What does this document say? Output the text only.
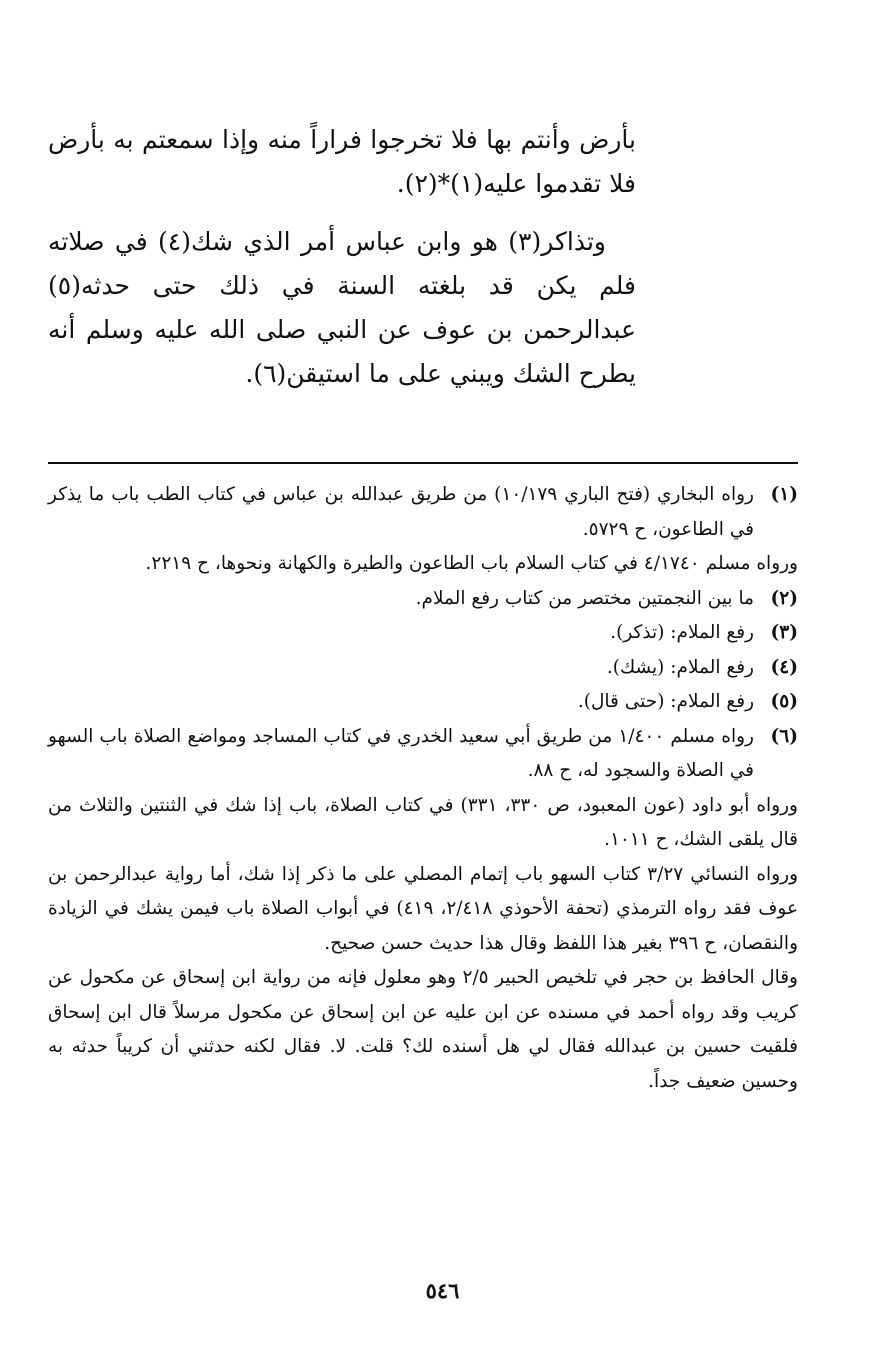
بأرض وأنتم بها فلا تخرجوا فراراً منه وإذا سمعتم به بأرض فلا تقدموا عليه(١)*(٢).

وتذاكر(٣) هو وابن عباس أمر الذي شك(٤) في صلاته فلم يكن قد بلغته السنة في ذلك حتى حدثه(٥) عبدالرحمن بن عوف عن النبي صلى الله عليه وسلم أنه يطرح الشك ويبني على ما استيقن(٦).

(١)

رواه البخاري (فتح الباري ١٠/١٧٩) من طريق عبدالله بن عباس في كتاب الطب باب ما يذكر في الطاعون، ح ٥٧٢٩.

ورواه مسلم ٤/١٧٤٠ في كتاب السلام باب الطاعون والطيرة والكهانة ونحوها، ح ٢٢١٩.

(٢)

ما بين النجمتين مختصر من كتاب رفع الملام.

(٣)

رفع الملام: (تذكر).

(٤)

رفع الملام: (يشك).

(٥)

رفع الملام: (حتى قال).

(٦)

رواه مسلم ١/٤٠٠ من طريق أبي سعيد الخدري في كتاب المساجد ومواضع الصلاة باب السهو في الصلاة والسجود له، ح ٨٨.

ورواه أبو داود (عون المعبود، ص ٣٣٠، ٣٣١) في كتاب الصلاة، باب إذا شك في الثنتين والثلاث من قال يلقى الشك، ح ١٠١١.

ورواه النسائي ٣/٢٧ كتاب السهو باب إتمام المصلي على ما ذكر إذا شك، أما رواية عبدالرحمن بن عوف فقد رواه الترمذي (تحفة الأحوذي ٢/٤١٨، ٤١٩) في أبواب الصلاة باب فيمن يشك في الزيادة والنقصان، ح ٣٩٦ بغير هذا اللفظ وقال هذا حديث حسن صحيح.

وقال الحافظ بن حجر في تلخيص الحبير ٢/٥ وهو معلول فإنه من رواية ابن إسحاق عن مكحول عن كريب وقد رواه أحمد في مسنده عن ابن عليه عن ابن إسحاق عن مكحول مرسلاً قال ابن إسحاق فلقيت حسين بن عبدالله فقال لي هل أسنده لك؟ قلت. لا. فقال لكنه حدثني أن كريباً حدثه به وحسين ضعيف جداً.

٥٤٦
